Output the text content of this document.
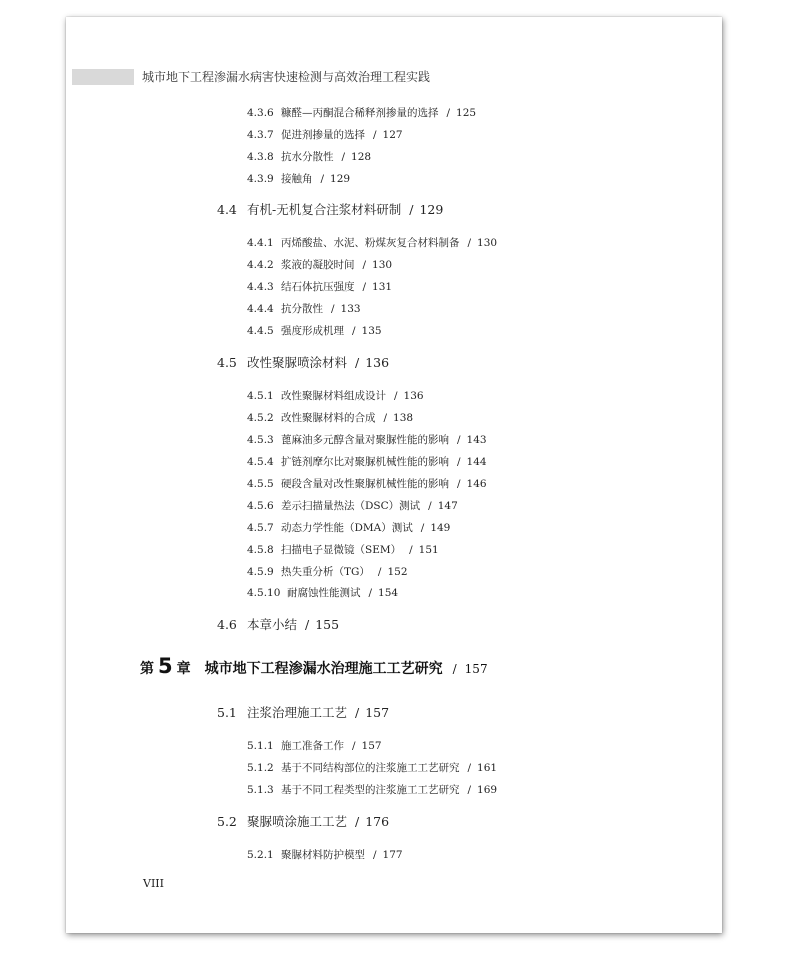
城市地下工程渗漏水病害快速检测与高效治理工程实践
4.3.6 糠醛—丙酮混合稀释剂掺量的选择 / 125
4.3.7 促进剂掺量的选择 / 127
4.3.8 抗水分散性 / 128
4.3.9 接触角 / 129
4.4 有机-无机复合注浆材料研制 / 129
4.4.1 丙烯酸盐、水泥、粉煤灰复合材料制备 / 130
4.4.2 浆液的凝胶时间 / 130
4.4.3 结石体抗压强度 / 131
4.4.4 抗分散性 / 133
4.4.5 强度形成机理 / 135
4.5 改性聚脲喷涂材料 / 136
4.5.1 改性聚脲材料组成设计 / 136
4.5.2 改性聚脲材料的合成 / 138
4.5.3 蓖麻油多元醇含量对聚脲性能的影响 / 143
4.5.4 扩链剂摩尔比对聚脲机械性能的影响 / 144
4.5.5 硬段含量对改性聚脲机械性能的影响 / 146
4.5.6 差示扫描量热法（DSC）测试 / 147
4.5.7 动态力学性能（DMA）测试 / 149
4.5.8 扫描电子显微镜（SEM） / 151
4.5.9 热失重分析（TG） / 152
4.5.10 耐腐蚀性能测试 / 154
4.6 本章小结 / 155
第 5 章 城市地下工程渗漏水治理施工工艺研究 / 157
5.1 注浆治理施工工艺 / 157
5.1.1 施工准备工作 / 157
5.1.2 基于不同结构部位的注浆施工工艺研究 / 161
5.1.3 基于不同工程类型的注浆施工工艺研究 / 169
5.2 聚脲喷涂施工工艺 / 176
5.2.1 聚脲材料防护模型 / 177
VIII
